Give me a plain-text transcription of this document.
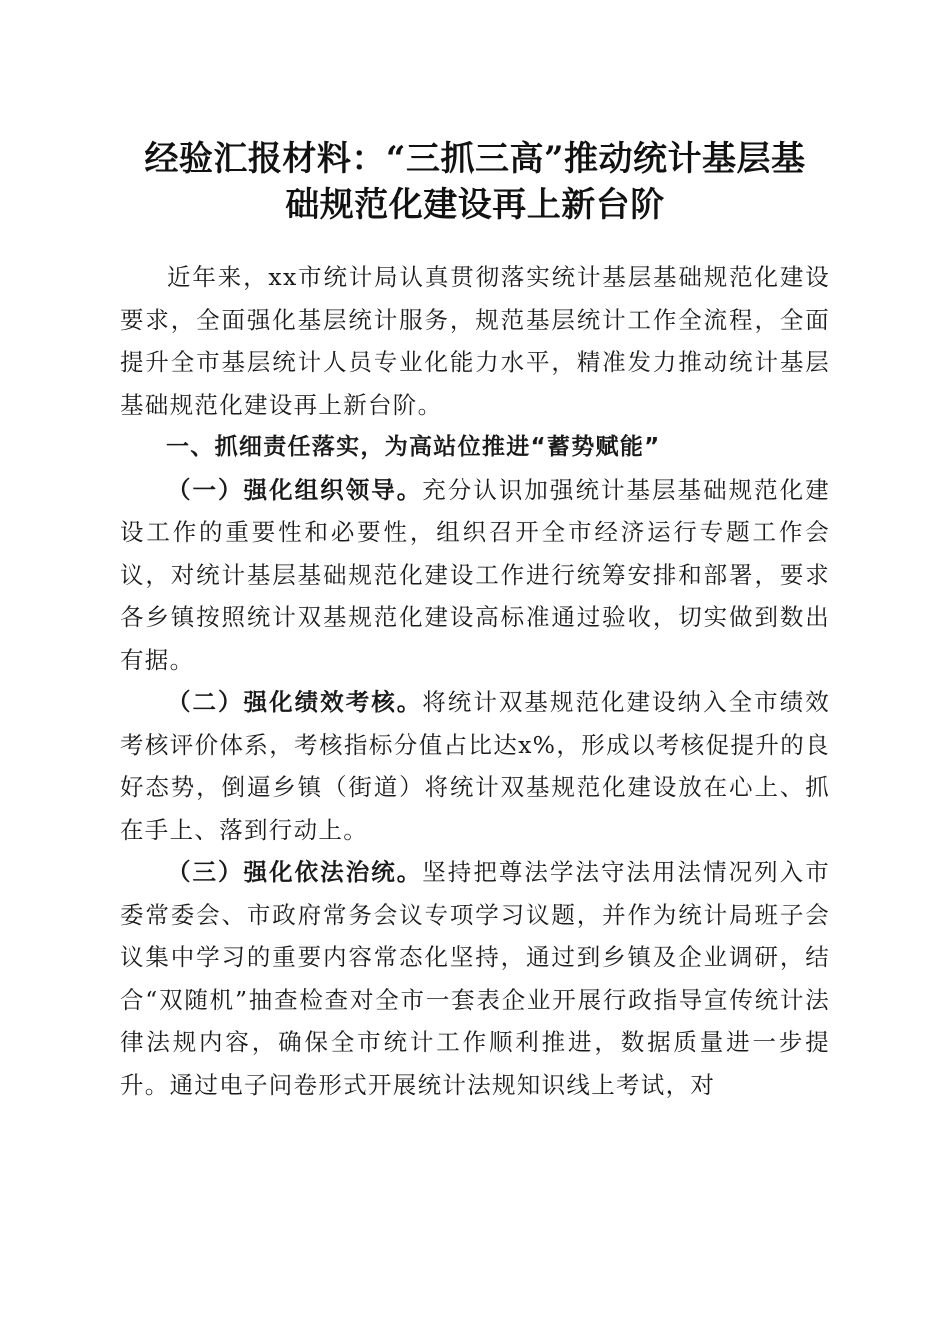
经验汇报材料：“三抓三高”推动统计基层基
础规范化建设再上新台阶

近年来，xx市统计局认真贯彻落实统计基层基础规范化建设要求，全面强化基层统计服务，规范基层统计工作全流程，全面提升全市基层统计人员专业化能力水平，精准发力推动统计基层基础规范化建设再上新台阶。

一、抓细责任落实，为高站位推进“蓄势赋能”

（一）强化组织领导。充分认识加强统计基层基础规范化建设工作的重要性和必要性，组织召开全市经济运行专题工作会议，对统计基层基础规范化建设工作进行统筹安排和部署，要求各乡镇按照统计双基规范化建设高标准通过验收，切实做到数出有据。

（二）强化绩效考核。将统计双基规范化建设纳入全市绩效考核评价体系，考核指标分值占比达x%，形成以考核促提升的良好态势，倒逼乡镇（街道）将统计双基规范化建设放在心上、抓在手上、落到行动上。

（三）强化依法治统。坚持把尊法学法守法用法情况列入市委常委会、市政府常务会议专项学习议题，并作为统计局班子会议集中学习的重要内容常态化坚持，通过到乡镇及企业调研，结合“双随机”抽查检查对全市一套表企业开展行政指导宣传统计法律法规内容，确保全市统计工作顺利推进，数据质量进一步提升。通过电子问卷形式开展统计法规知识线上考试，对
